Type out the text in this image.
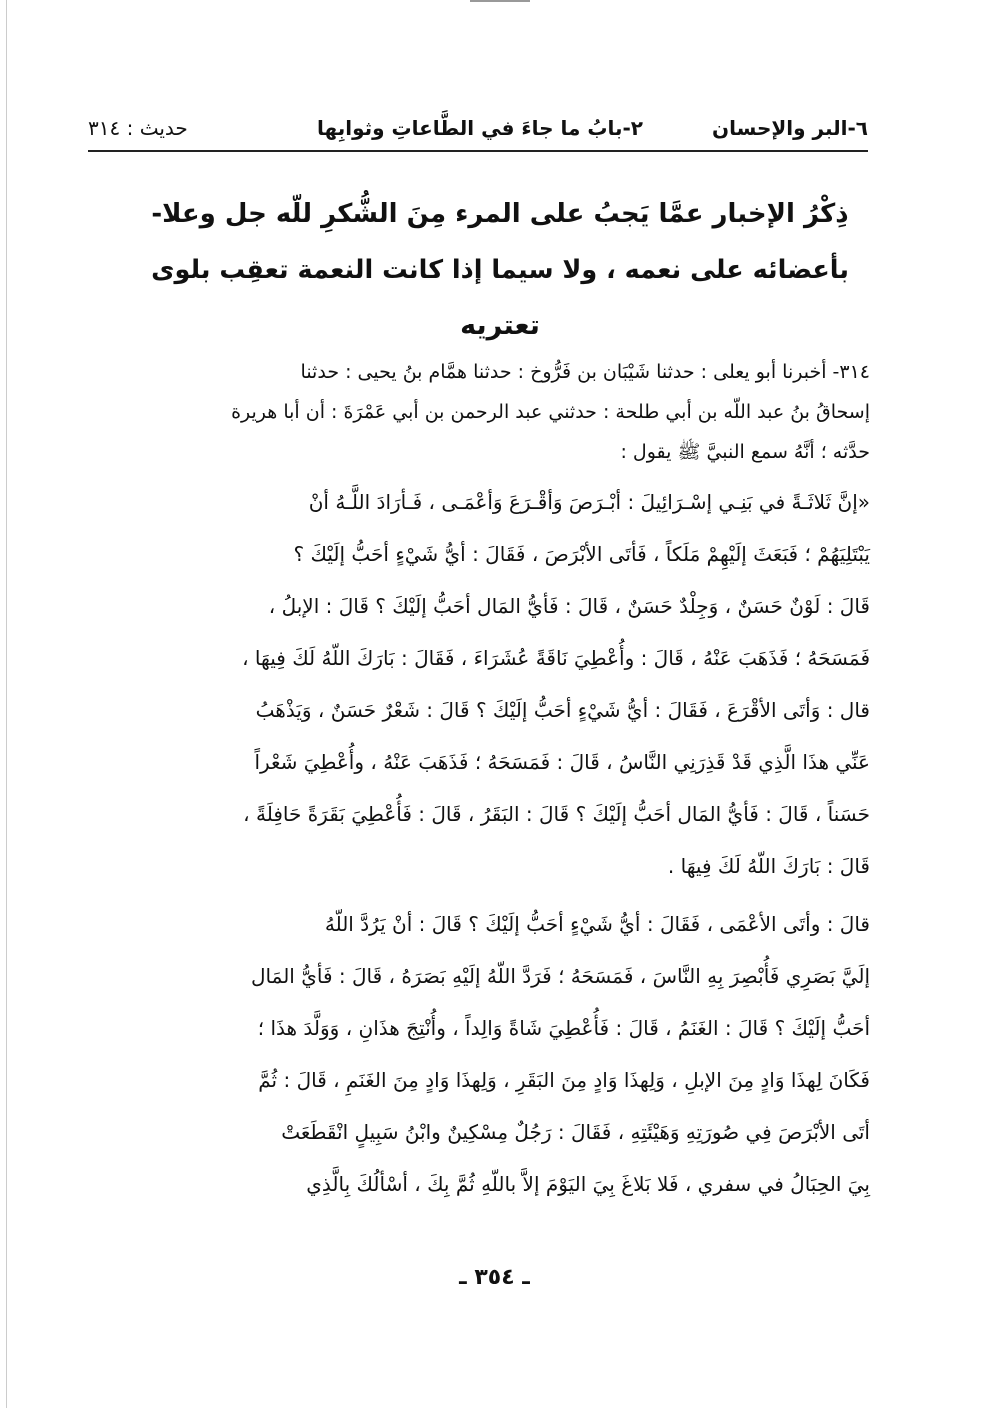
٦-البر والإحسان
٢-بابُ ما جاءَ في الطَّاعاتِ وثوابِها
حديث : ٣١٤
ذِكْرُ الإخبار عمَّا يَجبُ على المرء مِنَ الشُّكرِ للّه جل وعلا-
بأعضائه على نعمه ، ولا سيما إذا كانت النعمة تعقِب بلوى
تعتريه
٣١٤- أخبرنا أبو يعلى : حدثنا شَيْبَان بن فَرُّوخ : حدثنا همَّام بنُ يحيى : حدثنا
إسحاقُ بنُ عبد اللّه بن أبي طلحة : حدثني عبد الرحمن بن أبي عَمْرَةَ : أن أبا هريرة
حدَّثه ؛ أنَّهُ سمع النبيَّ ﷺ يقول :
«إنَّ ثَلاثَـةً في بَنِـي إسْـرَائِيلَ : أبْـرَصَ وَأقْـرَعَ وَأعْمَـى ، فَـأرَادَ اللَّـهُ أنْ
يَبْتَلِيَهُمْ ؛ فَبَعَثَ إلَيْهِمْ مَلَكاً ، فَأتَى الأبْرَصَ ، فَقَالَ : أيُّ شَيْءٍ أحَبُّ إلَيْكَ ؟
قَالَ : لَوْنٌ حَسَنٌ ، وَجِلْدٌ حَسَنٌ ، قَالَ : فَأيُّ المَال أحَبُّ إلَيْكَ ؟ قَالَ : الإبلُ ،
فَمَسَحَهُ ؛ فَذَهَبَ عَنْهُ ، قَالَ : وأُعْطِيَ نَاقَةً عُشَرَاءَ ، فَقَالَ : بَارَكَ اللّهُ لَكَ فِيهَا ،
قال : وَأتَى الأقْرَعَ ، فَقَالَ : أيُّ شَيْءٍ أحَبُّ إلَيْكَ ؟ قَالَ : شَعْرٌ حَسَنٌ ، وَيَذْهَبُ
عَنِّي هذَا الَّذِي قَدْ قَذِرَنِي النَّاسُ ، قَالَ : فَمَسَحَهُ ؛ فَذَهَبَ عَنْهُ ، وأُعْطِيَ شَعْراً
حَسَناً ، قَالَ : فَأيُّ المَال أحَبُّ إلَيْكَ ؟ قَالَ : البَقَرُ ، قَالَ : فَأُعْطِيَ بَقَرَةً حَافِلَةً ،
قَالَ : بَارَكَ اللّهُ لَكَ فِيهَا .
قالَ : وأتَى الأعْمَى ، فَقَالَ : أيُّ شَيْءٍ أحَبُّ إلَيْكَ ؟ قَالَ : أنْ يَرُدَّ اللّهُ
إلَيَّ بَصَرِي فَأُبْصِرَ بِهِ النَّاسَ ، فَمَسَحَهُ ؛ فَرَدَّ اللّهُ إلَيْهِ بَصَرَهُ ، قَالَ : فَأيُّ المَال
أحَبُّ إلَيْكَ ؟ قَالَ : الغَنَمُ ، قَالَ : فَأُعْطِيَ شَاةً وَالِداً ، وأُنْتِجَ هذَانِ ، وَوَلَّدَ هذَا ؛
فَكَانَ لِهذَا وَادٍ مِنَ الإبلِ ، وَلِهذَا وَادٍ مِنَ البَقَرِ ، وَلِهذَا وَادٍ مِنَ الغَنَمِ ، قَالَ : ثُمَّ
أتَى الأبْرَصَ فِي صُورَتِهِ وَهَيْئَتِهِ ، فَقَالَ : رَجُلٌ مِسْكِينٌ وابْنُ سَبِيلٍ انْقَطَعَتْ
بِيَ الحِبَالُ في سفري ، فَلا بَلاغَ بِيَ اليَوْمَ إلاَّ باللّهِ ثُمَّ بِكَ ، أسْألُكَ بِالَّذِي
ـ ٣٥٤ ـ
